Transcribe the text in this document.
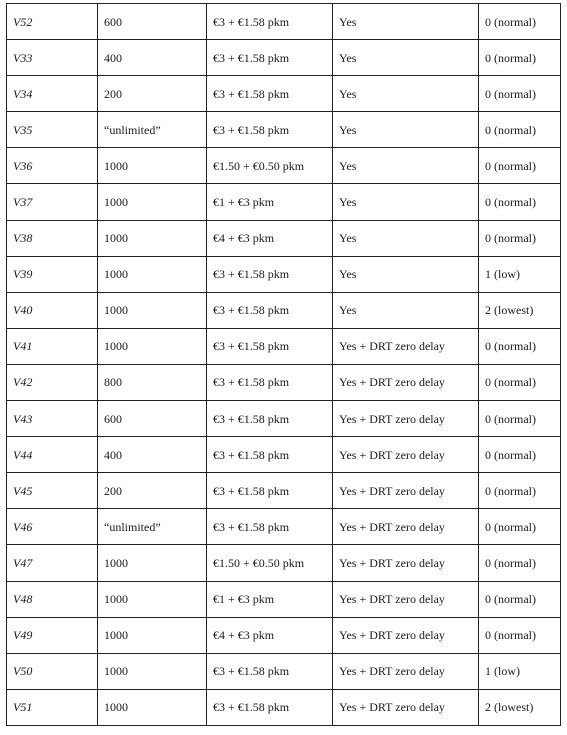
V52	600	€3 + €1.58 pkm	Yes	0 (normal)
V33	400	€3 + €1.58 pkm	Yes	0 (normal)
V34	200	€3 + €1.58 pkm	Yes	0 (normal)
V35	“unlimited”	€3 + €1.58 pkm	Yes	0 (normal)
V36	1000	€1.50 + €0.50 pkm	Yes	0 (normal)
V37	1000	€1 + €3 pkm	Yes	0 (normal)
V38	1000	€4 + €3 pkm	Yes	0 (normal)
V39	1000	€3 + €1.58 pkm	Yes	1 (low)
V40	1000	€3 + €1.58 pkm	Yes	2 (lowest)
V41	1000	€3 + €1.58 pkm	Yes + DRT zero delay	0 (normal)
V42	800	€3 + €1.58 pkm	Yes + DRT zero delay	0 (normal)
V43	600	€3 + €1.58 pkm	Yes + DRT zero delay	0 (normal)
V44	400	€3 + €1.58 pkm	Yes + DRT zero delay	0 (normal)
V45	200	€3 + €1.58 pkm	Yes + DRT zero delay	0 (normal)
V46	“unlimited”	€3 + €1.58 pkm	Yes + DRT zero delay	0 (normal)
V47	1000	€1.50 + €0.50 pkm	Yes + DRT zero delay	0 (normal)
V48	1000	€1 + €3 pkm	Yes + DRT zero delay	0 (normal)
V49	1000	€4 + €3 pkm	Yes + DRT zero delay	0 (normal)
V50	1000	€3 + €1.58 pkm	Yes + DRT zero delay	1 (low)
V51	1000	€3 + €1.58 pkm	Yes + DRT zero delay	2 (lowest)
